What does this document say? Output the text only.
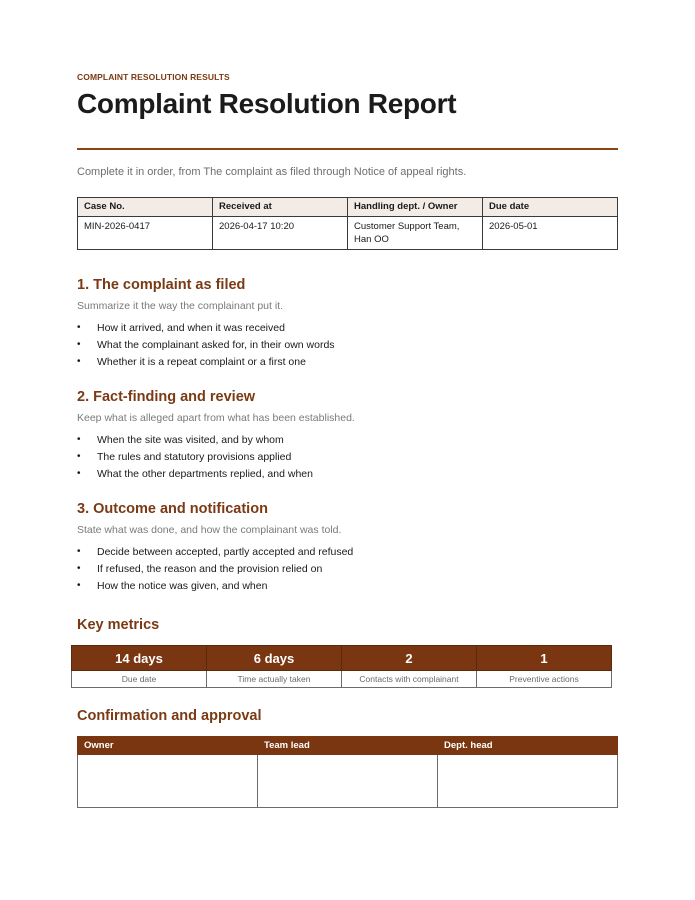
COMPLAINT RESOLUTION RESULTS
Complaint Resolution Report
Complete it in order, from The complaint as filed through Notice of appeal rights.
Case No.	Received at	Handling dept. / Owner	Due date
MIN-2026-0417	2026-04-17 10:20	Customer Support Team, Han OO	2026-05-01
1. The complaint as filed
Summarize it the way the complainant put it.
• How it arrived, and when it was received
• What the complainant asked for, in their own words
• Whether it is a repeat complaint or a first one
2. Fact-finding and review
Keep what is alleged apart from what has been established.
• When the site was visited, and by whom
• The rules and statutory provisions applied
• What the other departments replied, and when
3. Outcome and notification
State what was done, and how the complainant was told.
• Decide between accepted, partly accepted and refused
• If refused, the reason and the provision relied on
• How the notice was given, and when
Key metrics
14 days	6 days	2	1
Due date	Time actually taken	Contacts with complainant	Preventive actions
Confirmation and approval
Owner	Team lead	Dept. head
